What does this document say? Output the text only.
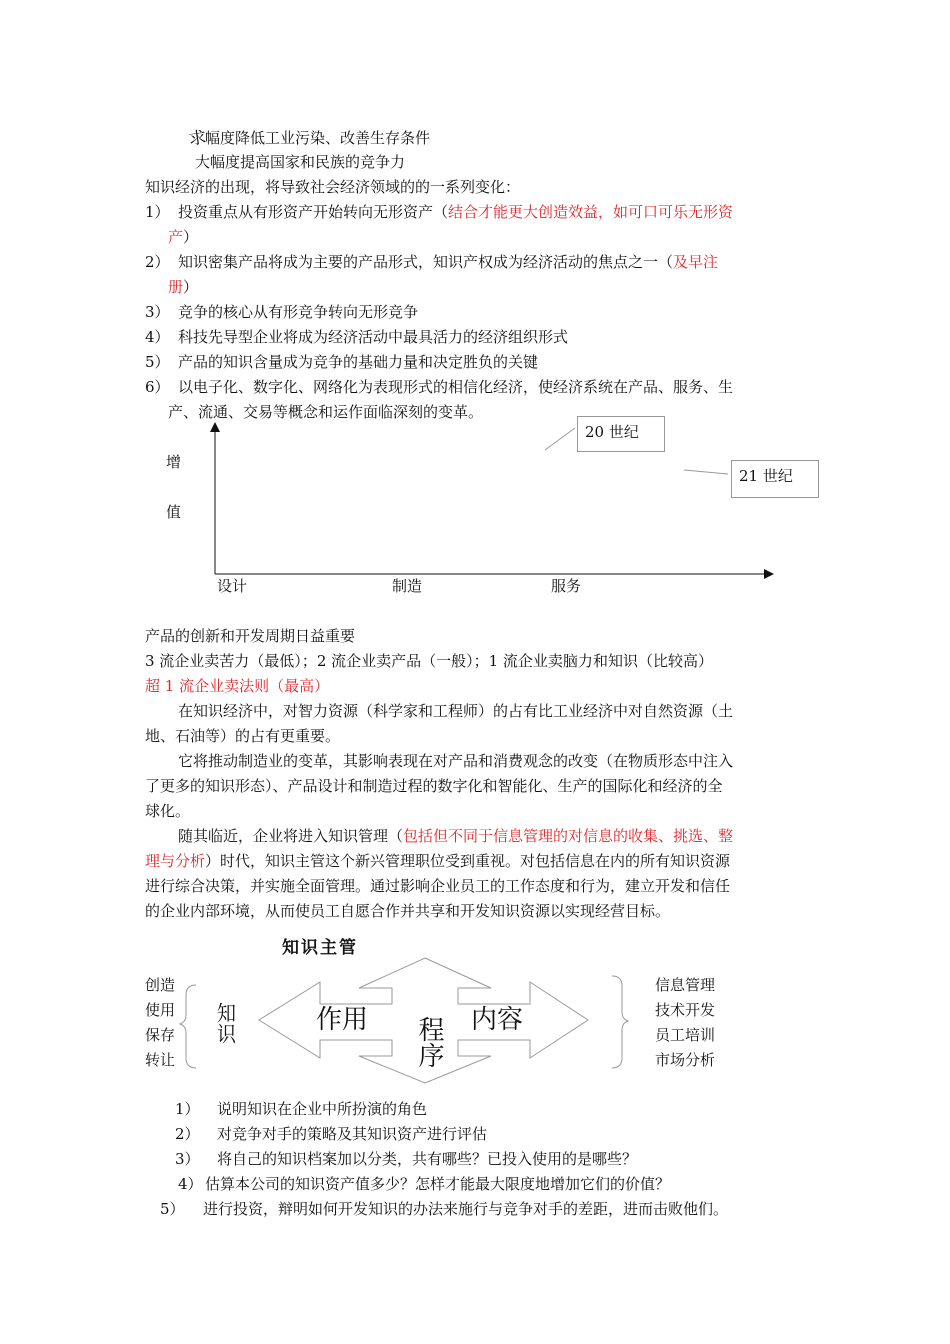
求幅度降低工业污染、改善生存条件
大幅度提高国家和民族的竞争力
知识经济的出现，将导致社会经济领域的的一系列变化：
1） 投资重点从有形资产开始转向无形资产（结合才能更大创造效益，如可口可乐无形资
产）
2） 知识密集产品将成为主要的产品形式，知识产权成为经济活动的焦点之一（及早注
册）
3） 竞争的核心从有形竞争转向无形竞争
4） 科技先导型企业将成为经济活动中最具活力的经济组织形式
5） 产品的知识含量成为竞争的基础力量和决定胜负的关键
6） 以电子化、数字化、网络化为表现形式的相信化经济，使经济系统在产品、服务、生
产、流通、交易等概念和运作面临深刻的变革。
增
值
设计	制造	服务
20 世纪
21 世纪
产品的创新和开发周期日益重要
3 流企业卖苦力（最低）；2 流企业卖产品（一般）；1 流企业卖脑力和知识（比较高）
超 1 流企业卖法则（最高）
在知识经济中，对智力资源（科学家和工程师）的占有比工业经济中对自然资源（土
地、石油等）的占有更重要。
它将推动制造业的变革，其影响表现在对产品和消费观念的改变（在物质形态中注入
了更多的知识形态）、产品设计和制造过程的数字化和智能化、生产的国际化和经济的全
球化。
随其临近，企业将进入知识管理（包括但不同于信息管理的对信息的收集、挑选、整
理与分析）时代，知识主管这个新兴管理职位受到重视。对包括信息在内的所有知识资源
进行综合决策，并实施全面管理。通过影响企业员工的工作态度和行为，建立开发和信任
的企业内部环境，从而使员工自愿合作并共享和开发知识资源以实现经营目标。
知识主管
创造
使用
保存
转让
知识	作用	内容
程序
信息管理
技术开发
员工培训
市场分析
1） 说明知识在企业中所扮演的角色
2） 对竞争对手的策略及其知识资产进行评估
3） 将自己的知识档案加以分类，共有哪些？已投入使用的是哪些？
4） 估算本公司的知识资产值多少？怎样才能最大限度地增加它们的价值？
5） 进行投资，辩明如何开发知识的办法来施行与竞争对手的差距，进而击败他们。
